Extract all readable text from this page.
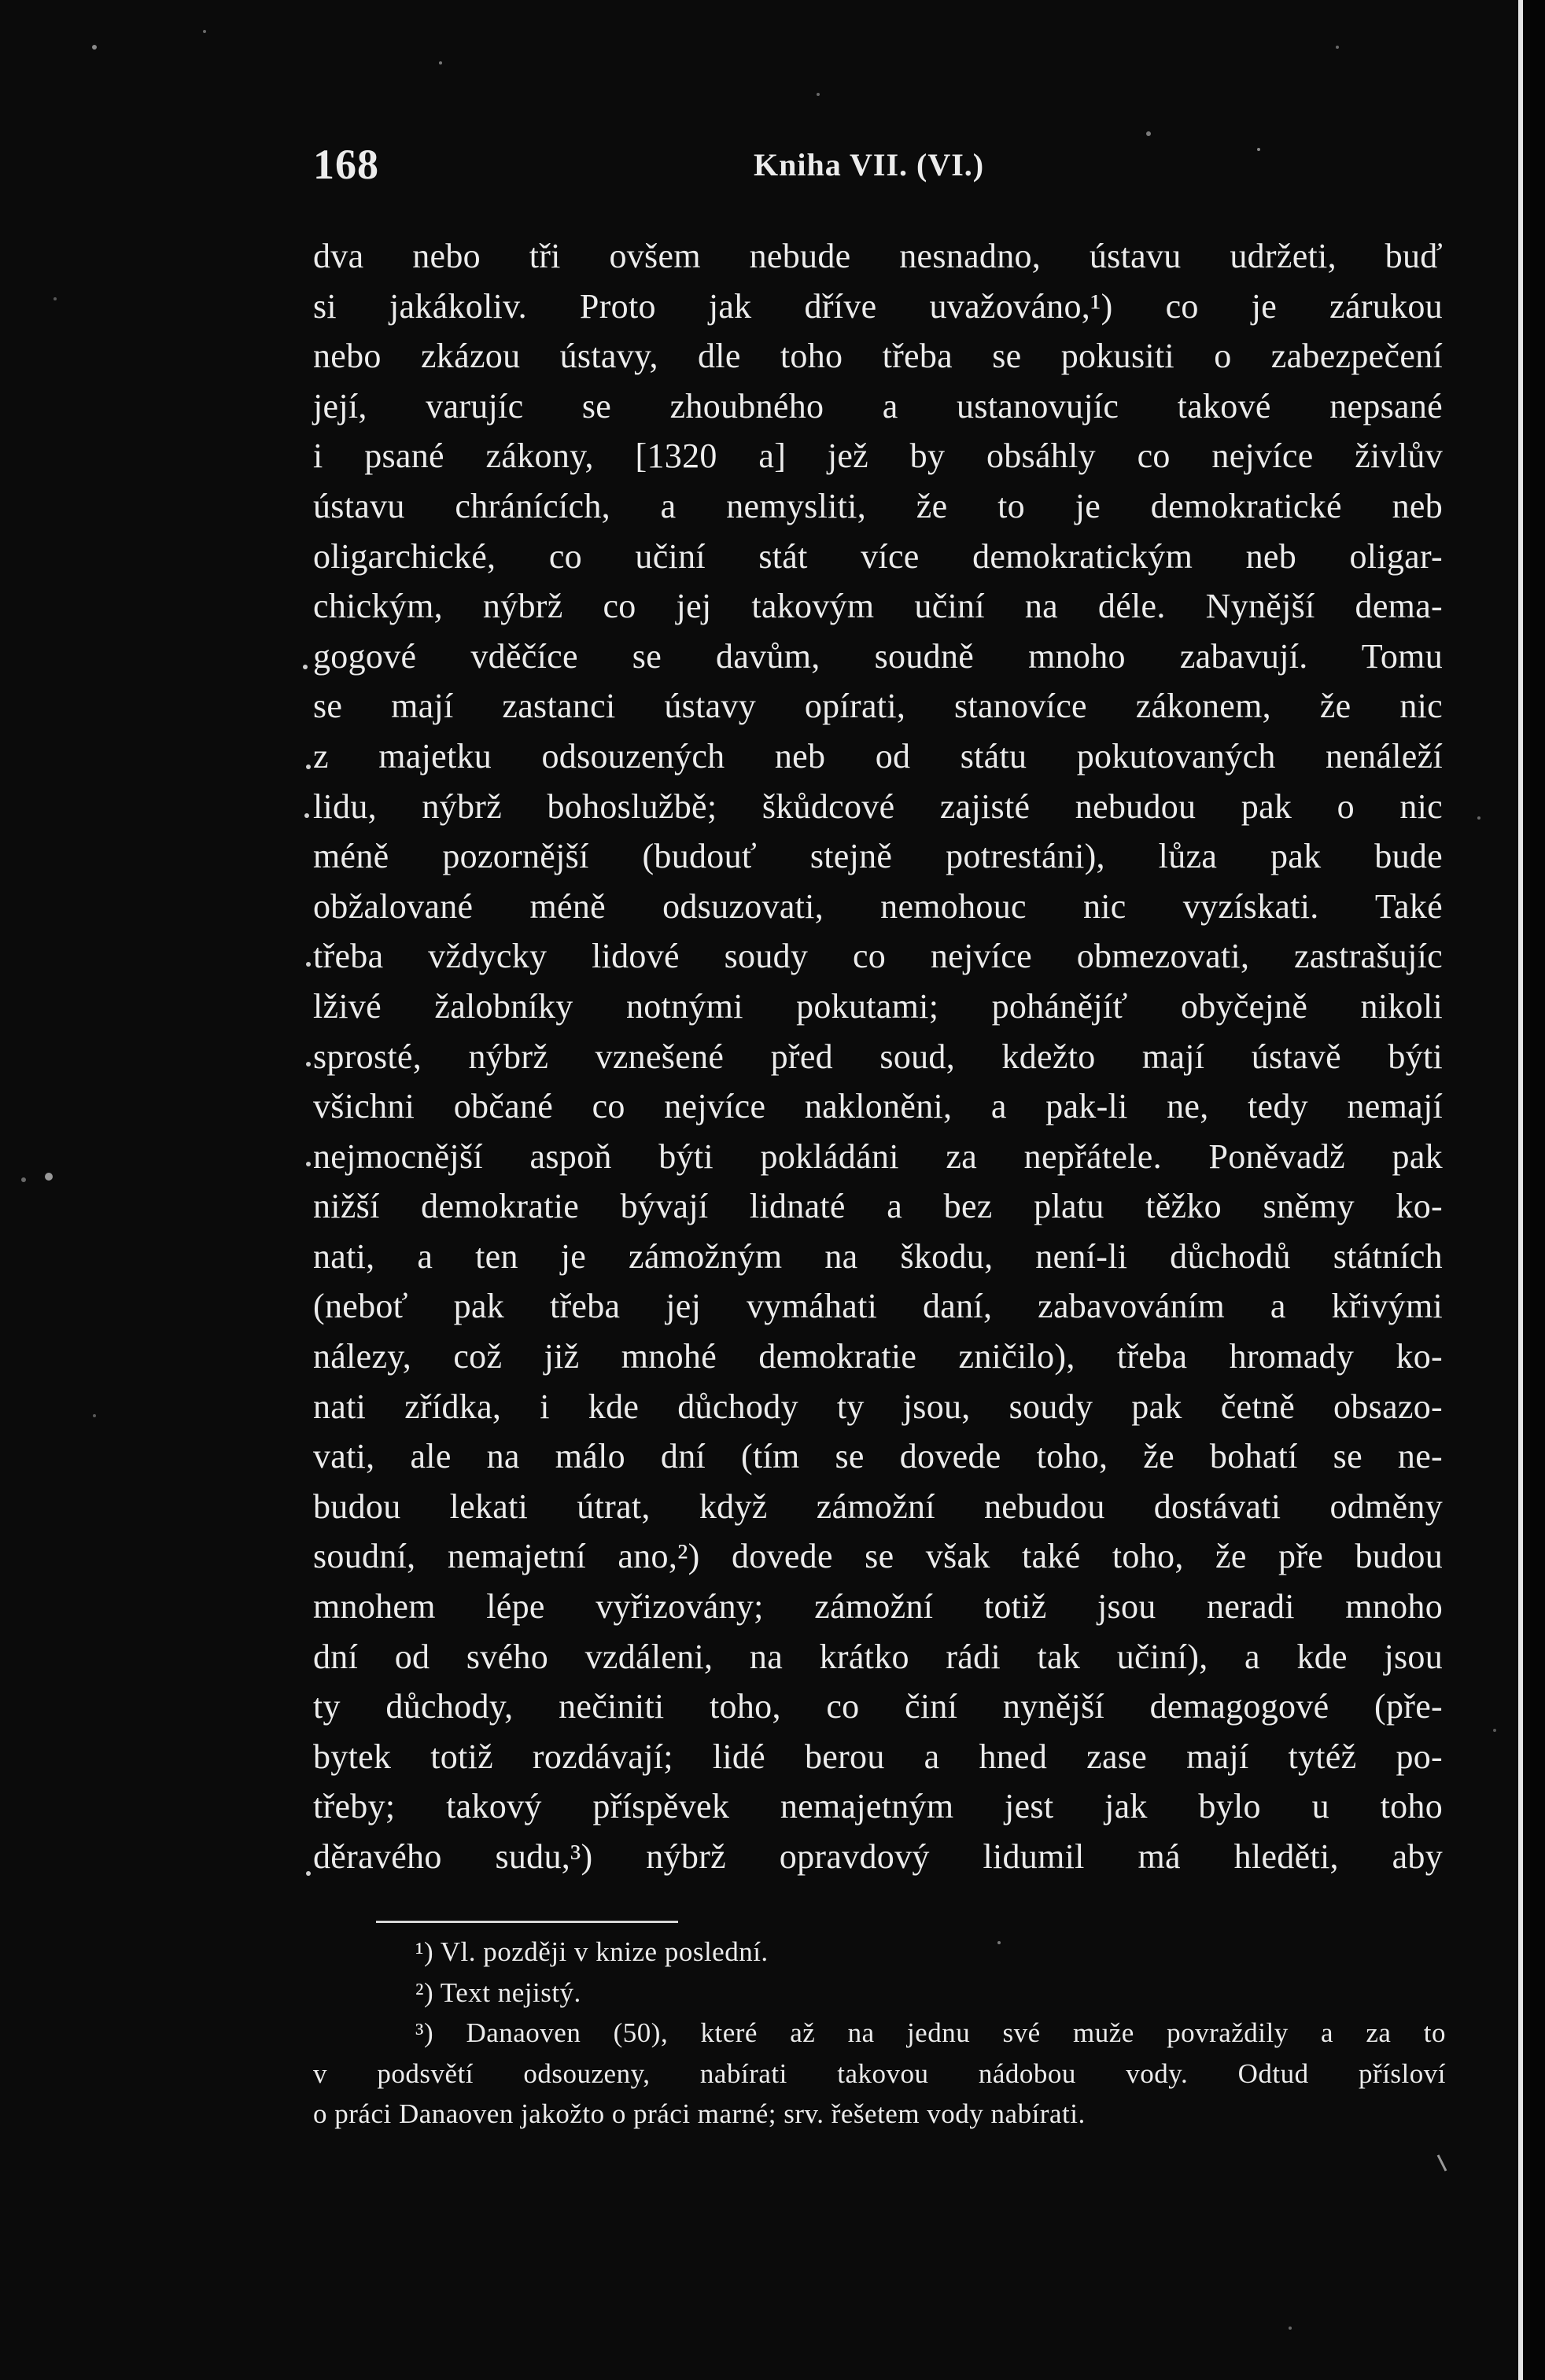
168	Kniha VII. (VI.)
dva nebo tři ovšem nebude nesnadno, ústavu udržeti, buď
si jakákoliv. Proto jak dříve uvažováno,¹) co je zárukou
nebo zkázou ústavy, dle toho třeba se pokusiti o zabezpečení
její, varujíc se zhoubného a ustanovujíc takové nepsané
i psané zákony, [1320 a] jež by obsáhly co nejvíce živlův
ústavu chránících, a nemysliti, že to je demokratické neb
oligarchické, co učiní stát více demokratickým neb oligar-
chickým, nýbrž co jej takovým učiní na déle. Nynější dema-
gogové vděčíce se davům, soudně mnoho zabavují. Tomu
se mají zastanci ústavy opírati, stanovíce zákonem, že nic
z majetku odsouzených neb od státu pokutovaných nenáleží
lidu, nýbrž bohoslužbě; škůdcové zajisté nebudou pak o nic
méně pozornější (budouť stejně potrestáni), lůza pak bude
obžalované méně odsuzovati, nemohouc nic vyzískati. Také
třeba vždycky lidové soudy co nejvíce obmezovati, zastrašujíc
lživé žalobníky notnými pokutami; pohánějíť obyčejně nikoli
sprosté, nýbrž vznešené před soud, kdežto mají ústavě býti
všichni občané co nejvíce nakloněni, a pak-li ne, tedy nemají
nejmocnější aspoň býti pokládáni za nepřátele. Poněvadž pak
nižší demokratie bývají lidnaté a bez platu těžko sněmy ko-
nati, a ten je zámožným na škodu, není-li důchodů státních
(neboť pak třeba jej vymáhati daní, zabavováním a křivými
nálezy, což již mnohé demokratie zničilo), třeba hromady ko-
nati zřídka, i kde důchody ty jsou, soudy pak četně obsazo-
vati, ale na málo dní (tím se dovede toho, že bohatí se ne-
budou lekati útrat, když zámožní nebudou dostávati odměny
soudní, nemajetní ano,²) dovede se však také toho, že pře budou
mnohem lépe vyřizovány; zámožní totiž jsou neradi mnoho
dní od svého vzdáleni, na krátko rádi tak učiní), a kde jsou
ty důchody, nečiniti toho, co činí nynější demagogové (pře-
bytek totiž rozdávají; lidé berou a hned zase mají tytéž po-
třeby; takový příspěvek nemajetným jest jak bylo u toho
děravého sudu,³) nýbrž opravdový lidumil má hleděti, aby
¹) Vl. později v knize poslední.
²) Text nejistý.
³) Danaoven (50), které až na jednu své muže povraždily a za to
v podsvětí odsouzeny, nabírati takovou nádobou vody. Odtud přísloví
o práci Danaoven jakožto o práci marné; srv. řešetem vody nabírati.
